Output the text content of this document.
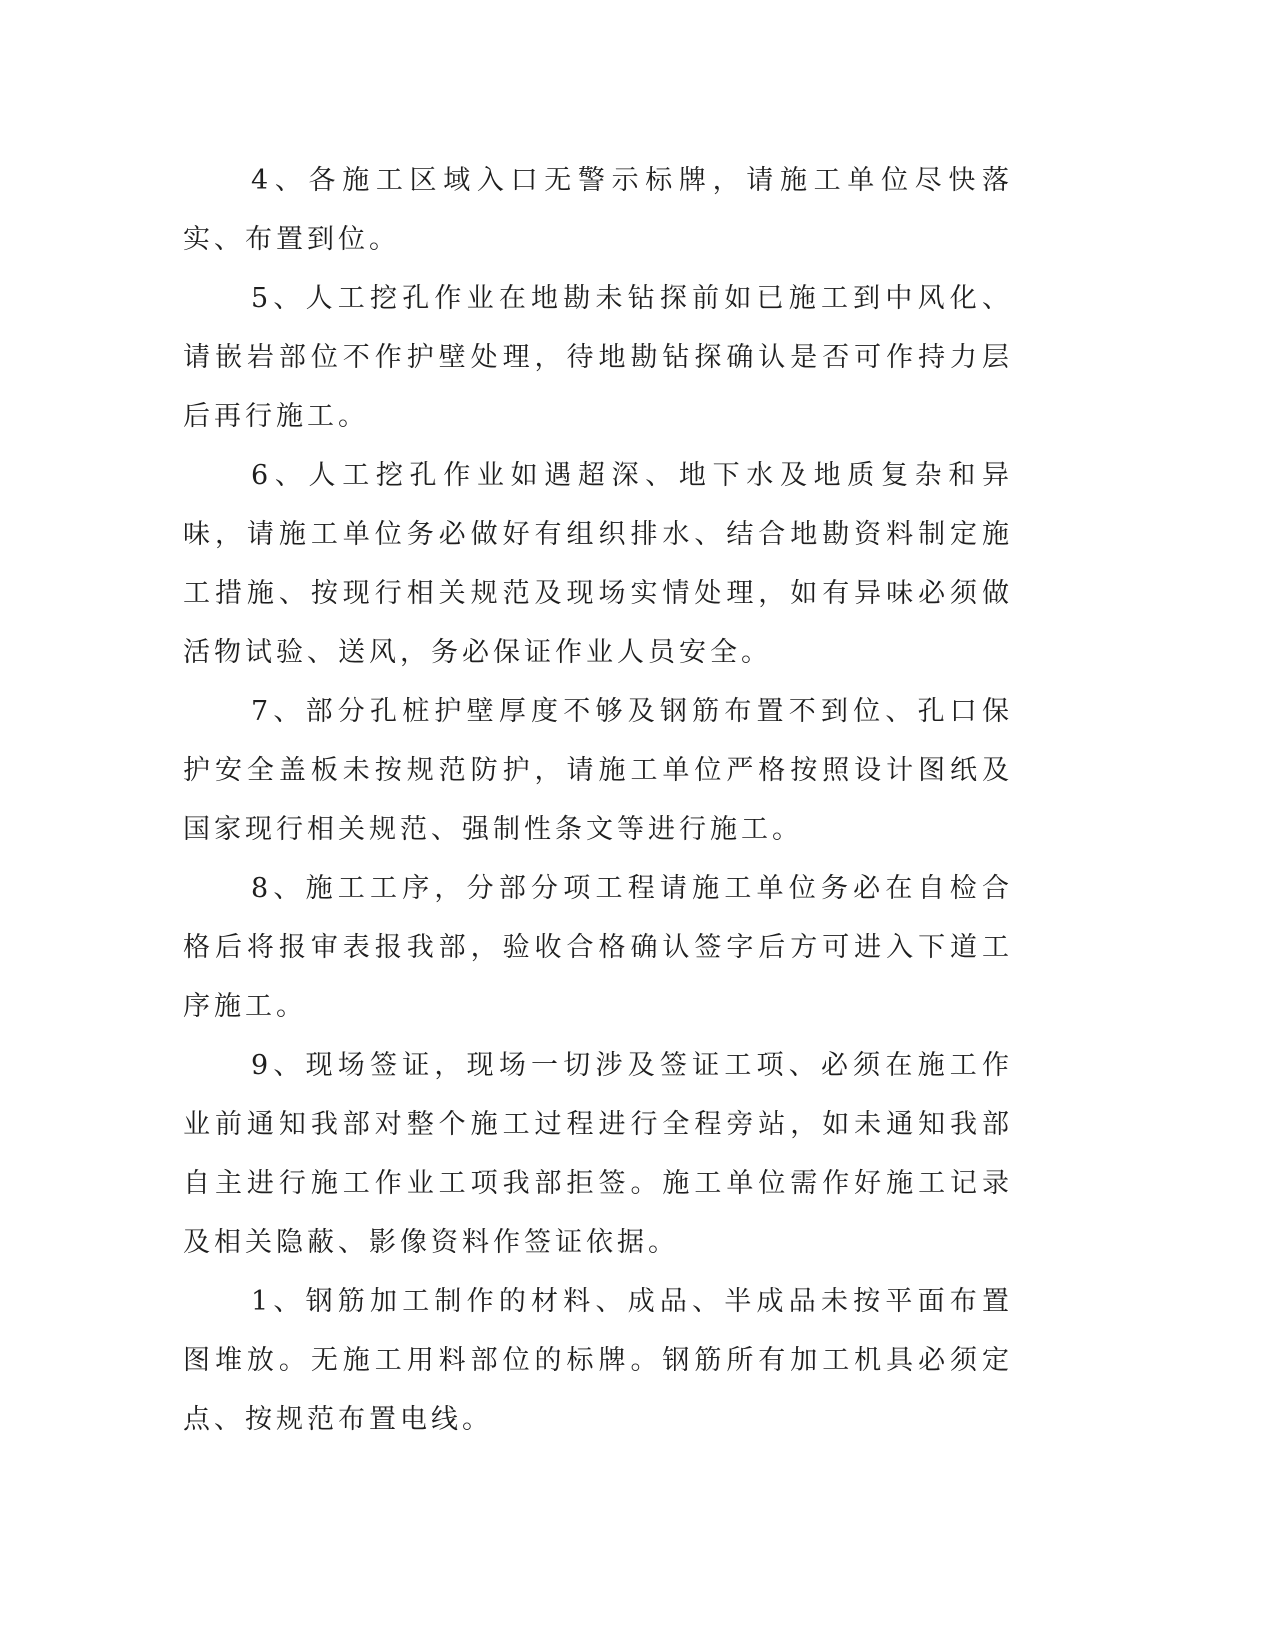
4、各施工区域入口无警示标牌，请施工单位尽快落实、布置到位。

5、人工挖孔作业在地勘未钻探前如已施工到中风化、请嵌岩部位不作护壁处理，待地勘钻探确认是否可作持力层后再行施工。

6、人工挖孔作业如遇超深、地下水及地质复杂和异味，请施工单位务必做好有组织排水、结合地勘资料制定施工措施、按现行相关规范及现场实情处理，如有异味必须做活物试验、送风，务必保证作业人员安全。

7、部分孔桩护壁厚度不够及钢筋布置不到位、孔口保护安全盖板未按规范防护，请施工单位严格按照设计图纸及国家现行相关规范、强制性条文等进行施工。

8、施工工序，分部分项工程请施工单位务必在自检合格后将报审表报我部，验收合格确认签字后方可进入下道工序施工。

9、现场签证，现场一切涉及签证工项、必须在施工作业前通知我部对整个施工过程进行全程旁站，如未通知我部自主进行施工作业工项我部拒签。施工单位需作好施工记录及相关隐蔽、影像资料作签证依据。

1、钢筋加工制作的材料、成品、半成品未按平面布置图堆放。无施工用料部位的标牌。钢筋所有加工机具必须定点、按规范布置电线。
